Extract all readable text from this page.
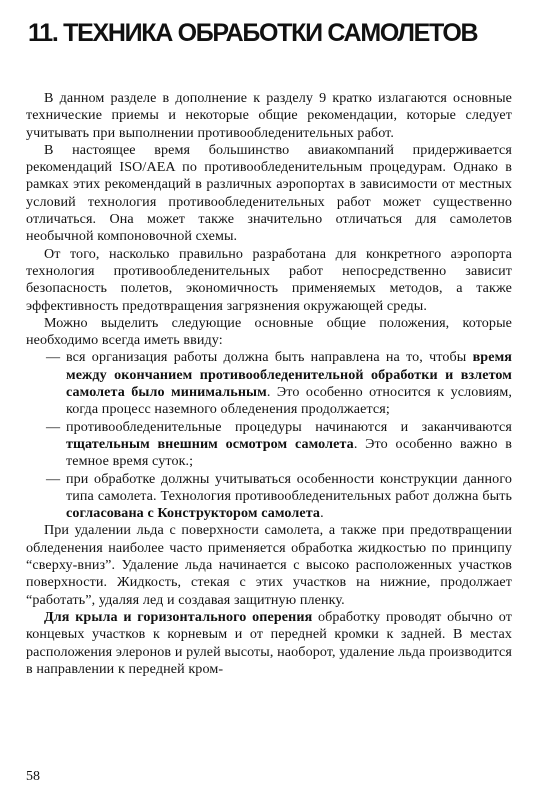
11. ТЕХНИКА ОБРАБОТКИ САМОЛЕТОВ

В данном разделе в дополнение к разделу 9 кратко излагаются основные технические приемы и некоторые общие рекомендации, которые следует учитывать при выполнении противообледенительных работ.

В настоящее время большинство авиакомпаний придерживается рекомендаций ISO/AEA по противообледенительным процедурам. Однако в рамках этих рекомендаций в различных аэропортах в зависимости от местных условий технология противообледенительных работ может существенно отличаться. Она может также значительно отличаться для самолетов необычной компоновочной схемы.

От того, насколько правильно разработана для конкретного аэропорта технология противообледенительных работ непосредственно зависит безопасность полетов, экономичность применяемых методов, а также эффективность предотвращения загрязнения окружающей среды.

Можно выделить следующие основные общие положения, которые необходимо всегда иметь ввиду:

— вся организация работы должна быть направлена на то, чтобы время между окончанием противообледенительной обработки и взлетом самолета было минимальным. Это особенно относится к условиям, когда процесс наземного обледенения продолжается;
— противообледенительные процедуры начинаются и заканчиваются тщательным внешним осмотром самолета. Это особенно важно в темное время суток.;
— при обработке должны учитываться особенности конструкции данного типа самолета. Технология противообледенительных работ должна быть согласована с Конструктором самолета.

При удалении льда с поверхности самолета, а также при предотвращении обледенения наиболее часто применяется обработка жидкостью по принципу “сверху-вниз”. Удаление льда начинается с высоко расположенных участков поверхности. Жидкость, стекая с этих участков на нижние, продолжает “работать”, удаляя лед и создавая защитную пленку.

Для крыла и горизонтального оперения обработку проводят обычно от концевых участков к корневым и от передней кромки к задней. В местах расположения элеронов и рулей высоты, наоборот, удаление льда производится в направлении к передней кром-

58
